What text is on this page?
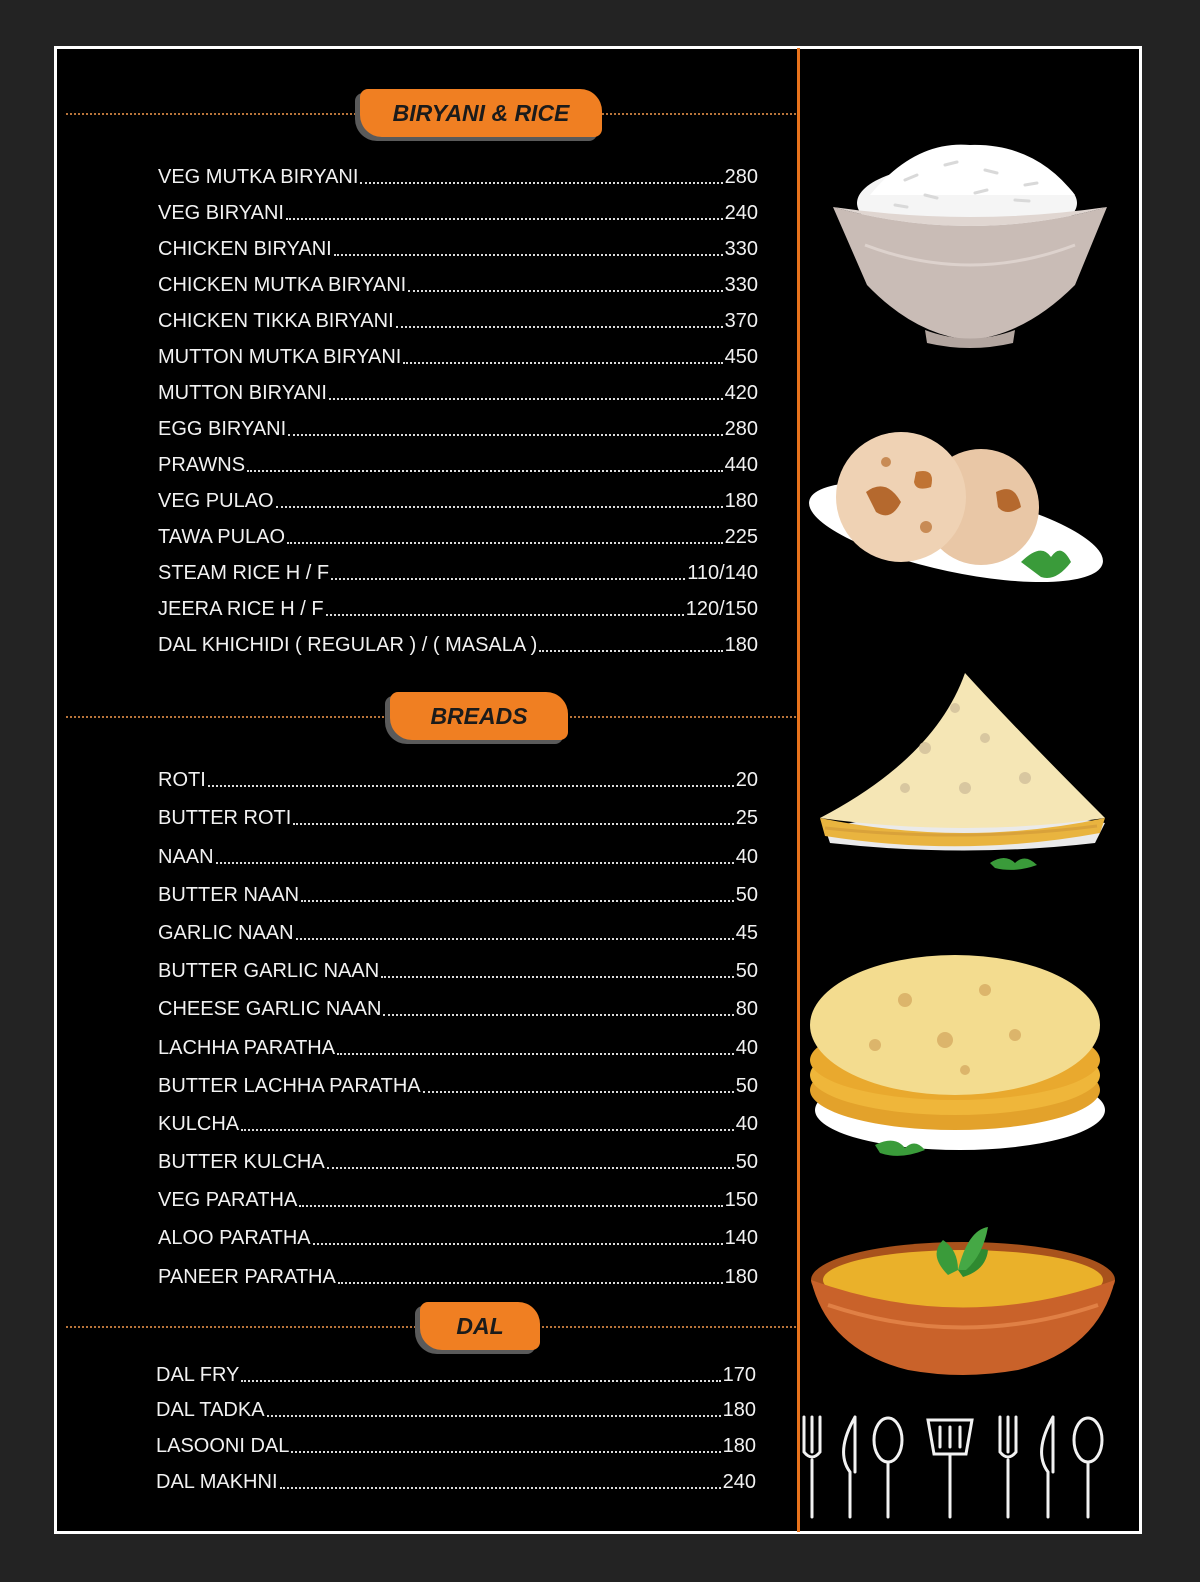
BIRYANI & RICE
VEG MUTKA BIRYANI	280
VEG BIRYANI	240
CHICKEN BIRYANI	330
CHICKEN MUTKA BIRYANI	330
CHICKEN TIKKA BIRYANI	370
MUTTON MUTKA BIRYANI	450
MUTTON BIRYANI	420
EGG BIRYANI	280
PRAWNS	440
VEG PULAO	180
TAWA PULAO	225
STEAM RICE H / F	110/140
JEERA RICE H / F	120/150
DAL KHICHIDI ( REGULAR ) / ( MASALA )	180
BREADS
ROTI	20
BUTTER ROTI	25
NAAN	40
BUTTER NAAN	50
GARLIC NAAN	45
BUTTER GARLIC NAAN	50
CHEESE GARLIC NAAN	80
LACHHA PARATHA	40
BUTTER LACHHA PARATHA	50
KULCHA	40
BUTTER KULCHA	50
VEG PARATHA	150
ALOO PARATHA	140
PANEER PARATHA	180
DAL
DAL FRY	170
DAL TADKA	180
LASOONI DAL	180
DAL MAKHNI	240
